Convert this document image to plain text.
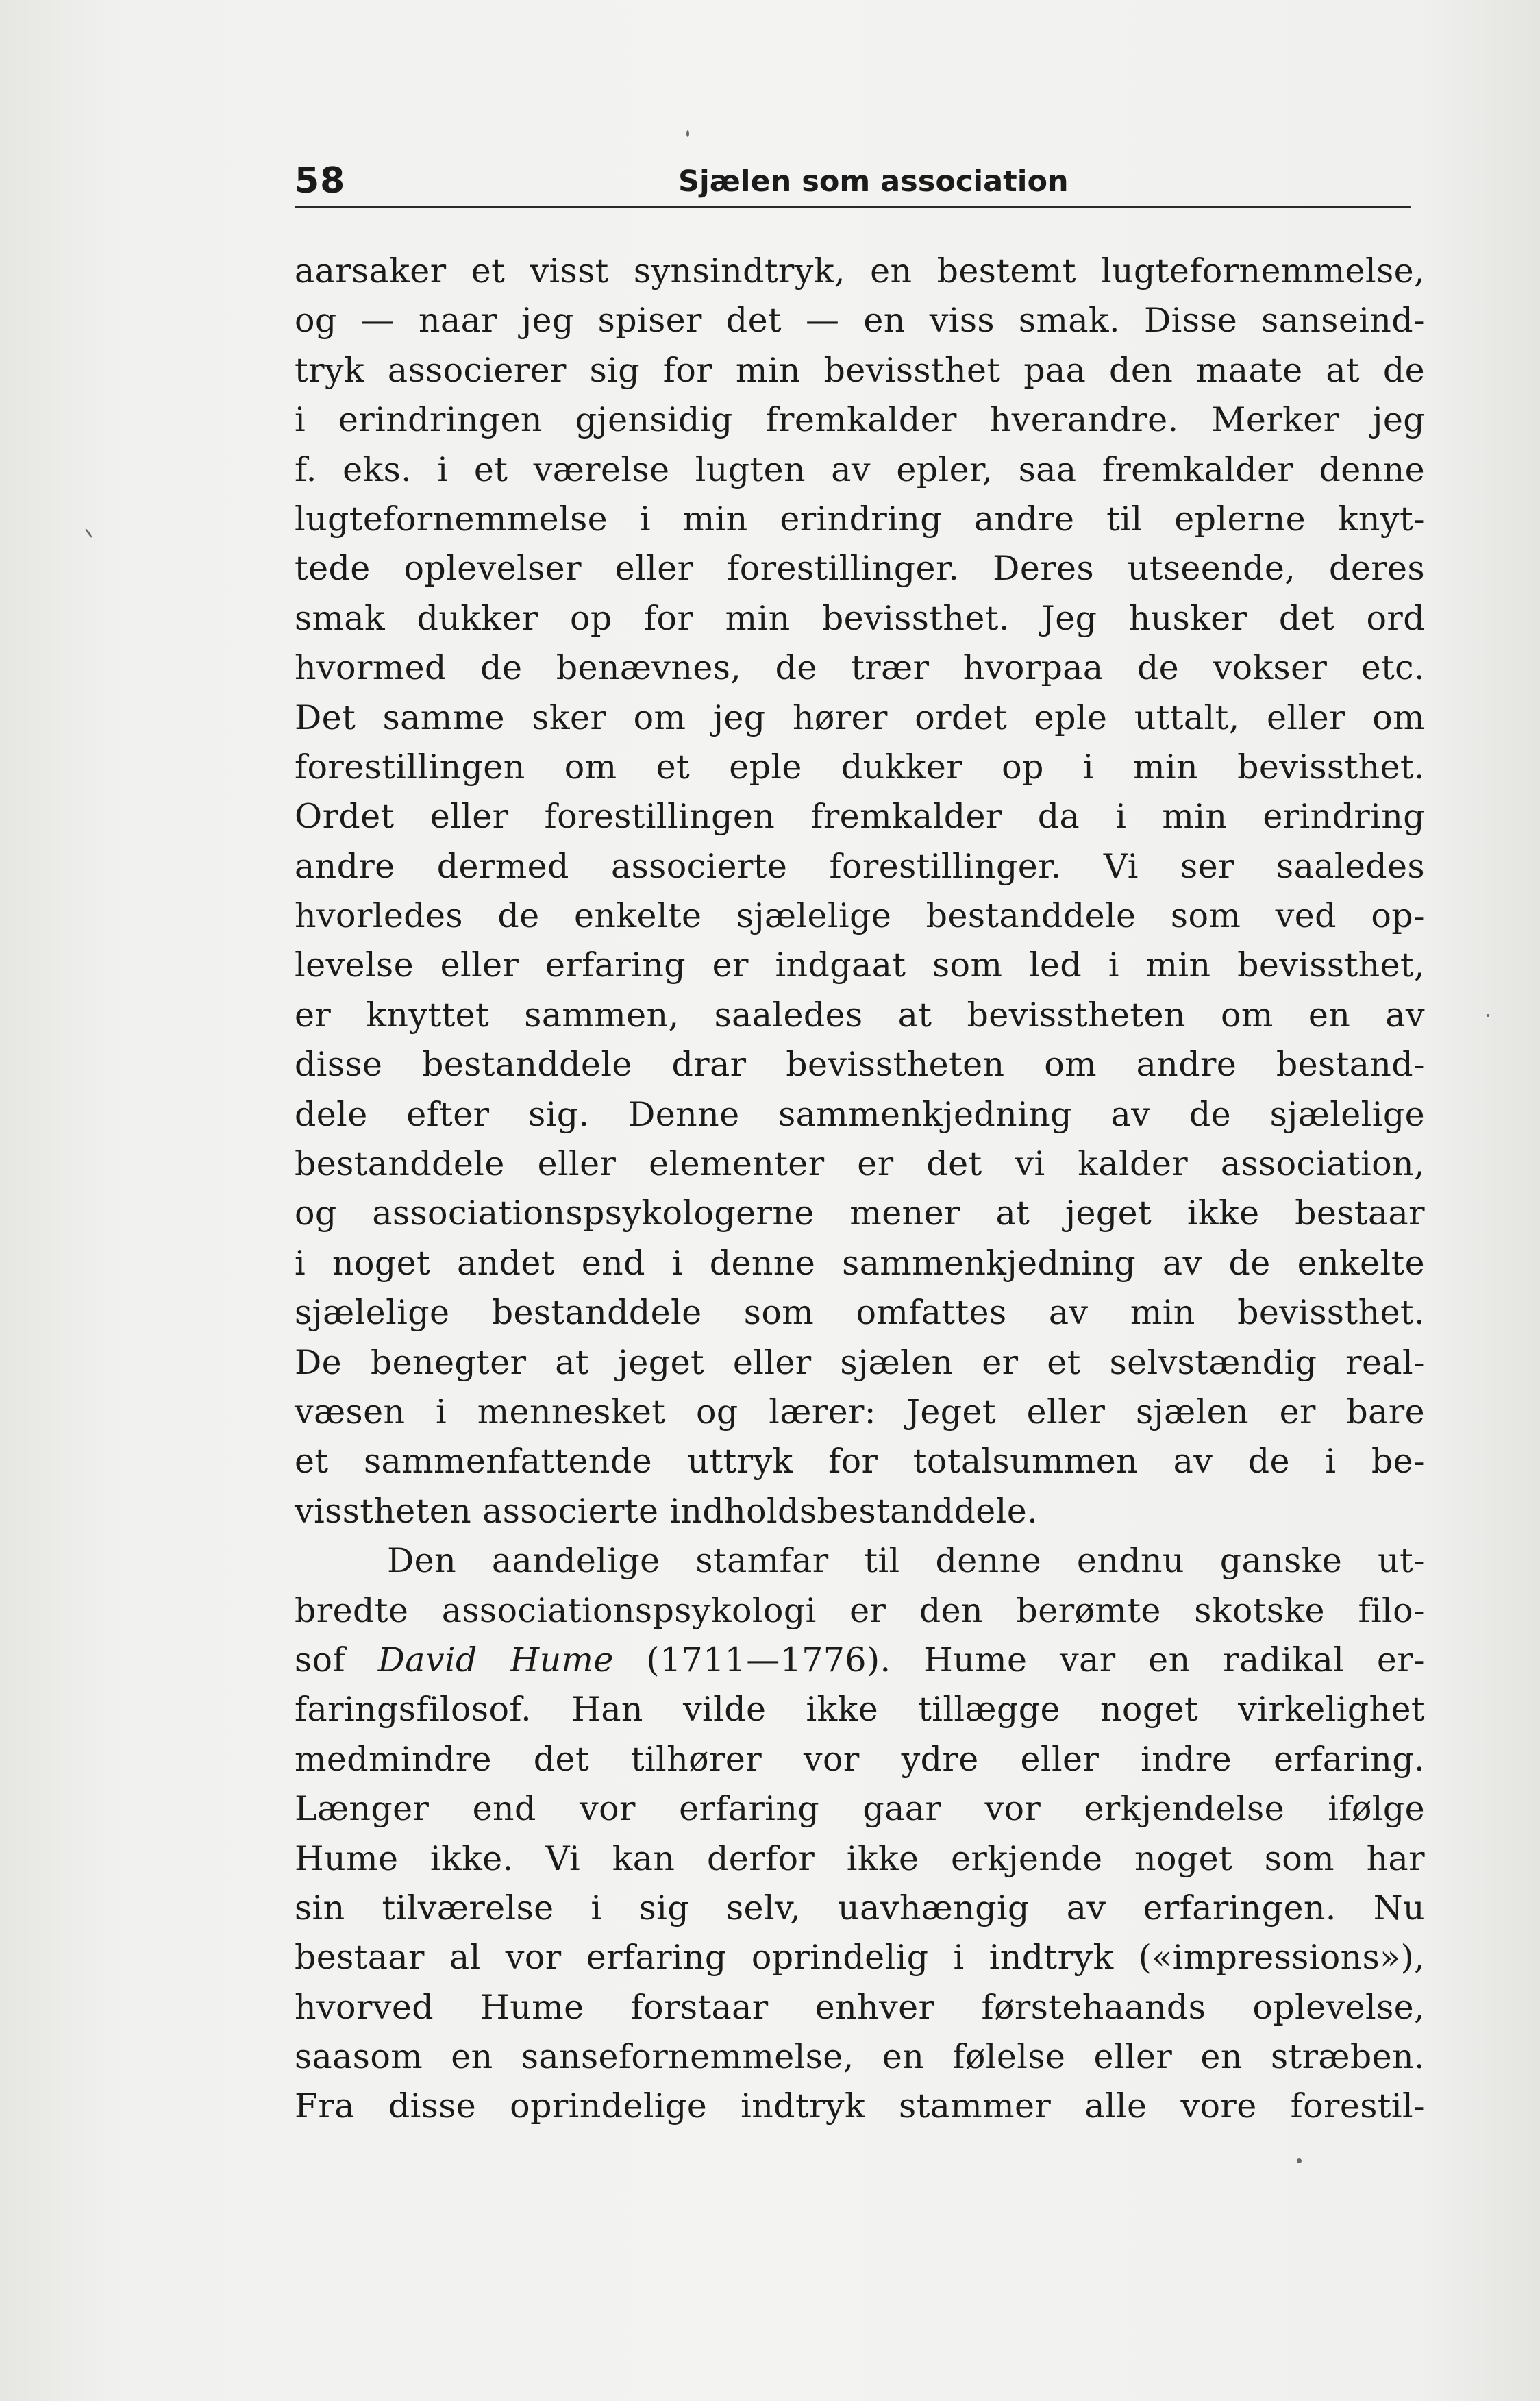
58	Sjælen som association
aarsaker et visst synsindtryk, en bestemt lugtefornemmelse,
og — naar jeg spiser det — en viss smak. Disse sanseind-
tryk associerer sig for min bevissthet paa den maate at de
i erindringen gjensidig fremkalder hverandre. Merker jeg
f. eks. i et værelse lugten av epler, saa fremkalder denne
lugtefornemmelse i min erindring andre til eplerne knyt-
tede oplevelser eller forestillinger. Deres utseende, deres
smak dukker op for min bevissthet. Jeg husker det ord
hvormed de benævnes, de trær hvorpaa de vokser etc.
Det samme sker om jeg hører ordet eple uttalt, eller om
forestillingen om et eple dukker op i min bevissthet.
Ordet eller forestillingen fremkalder da i min erindring
andre dermed associerte forestillinger. Vi ser saaledes
hvorledes de enkelte sjælelige bestanddele som ved op-
levelse eller erfaring er indgaat som led i min bevissthet,
er knyttet sammen, saaledes at bevisstheten om en av
disse bestanddele drar bevisstheten om andre bestand-
dele efter sig. Denne sammenkjedning av de sjælelige
bestanddele eller elementer er det vi kalder association,
og associationspsykologerne mener at jeget ikke bestaar
i noget andet end i denne sammenkjedning av de enkelte
sjælelige bestanddele som omfattes av min bevissthet.
De benegter at jeget eller sjælen er et selvstændig real-
væsen i mennesket og lærer: Jeget eller sjælen er bare
et sammenfattende uttryk for totalsummen av de i be-
visstheten associerte indholdsbestanddele.
Den aandelige stamfar til denne endnu ganske ut-
bredte associationspsykologi er den berømte skotske filo-
sof David Hume (1711—1776). Hume var en radikal er-
faringsfilosof. Han vilde ikke tillægge noget virkelighet
medmindre det tilhører vor ydre eller indre erfaring.
Længer end vor erfaring gaar vor erkjendelse ifølge
Hume ikke. Vi kan derfor ikke erkjende noget som har
sin tilværelse i sig selv, uavhængig av erfaringen. Nu
bestaar al vor erfaring oprindelig i indtryk («impressions»),
hvorved Hume forstaar enhver førstehaands oplevelse,
saasom en sansefornemmelse, en følelse eller en stræben.
Fra disse oprindelige indtryk stammer alle vore forestil-
